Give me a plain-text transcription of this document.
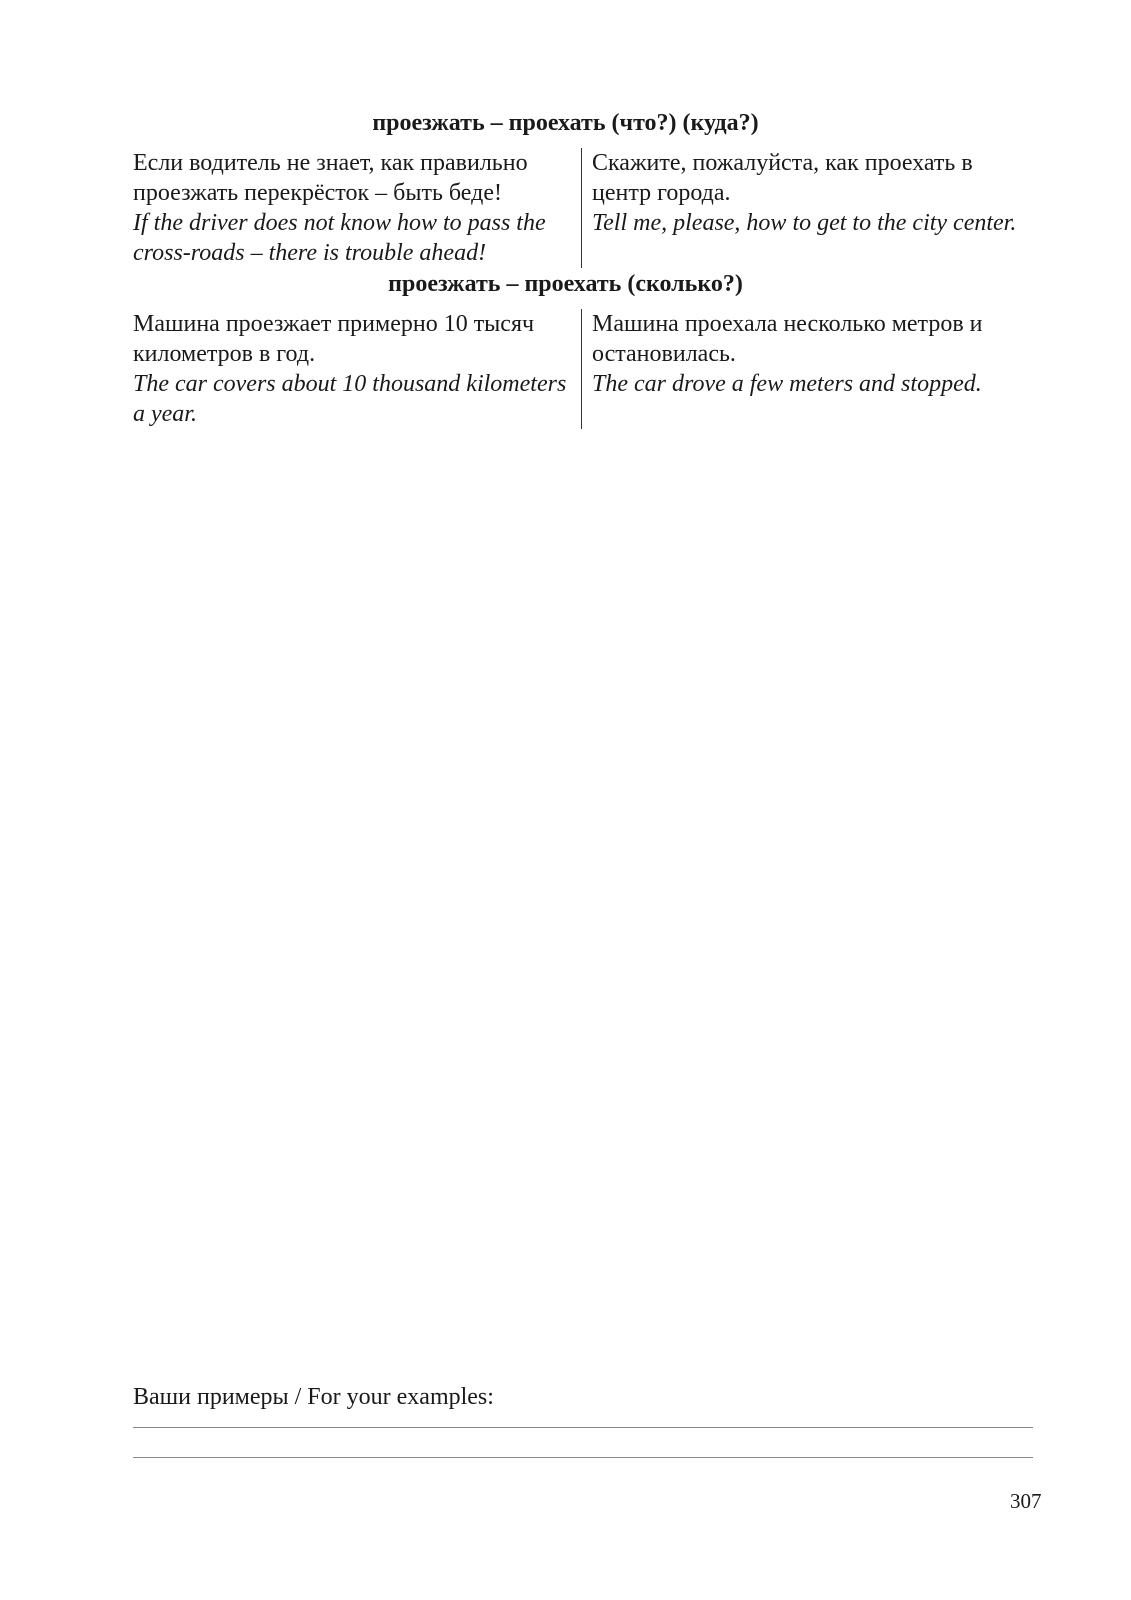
проезжать – проехать (что?) (куда?)

Если водитель не знает, как правильно проезжать перекрёсток – быть беде!

If the driver does not know how to pass the cross-roads – there is trouble ahead!

Скажите, пожалуйста, как проехать в центр города.

Tell me, please, how to get to the city center.

проезжать – проехать (сколько?)

Машина проезжает примерно 10 тысяч километров в год.

The car covers about 10 thousand kilometers a year.

Машина проехала несколько метров и остановилась.

The car drove a few meters and stopped.

Ваши примеры / For your examples:

307
